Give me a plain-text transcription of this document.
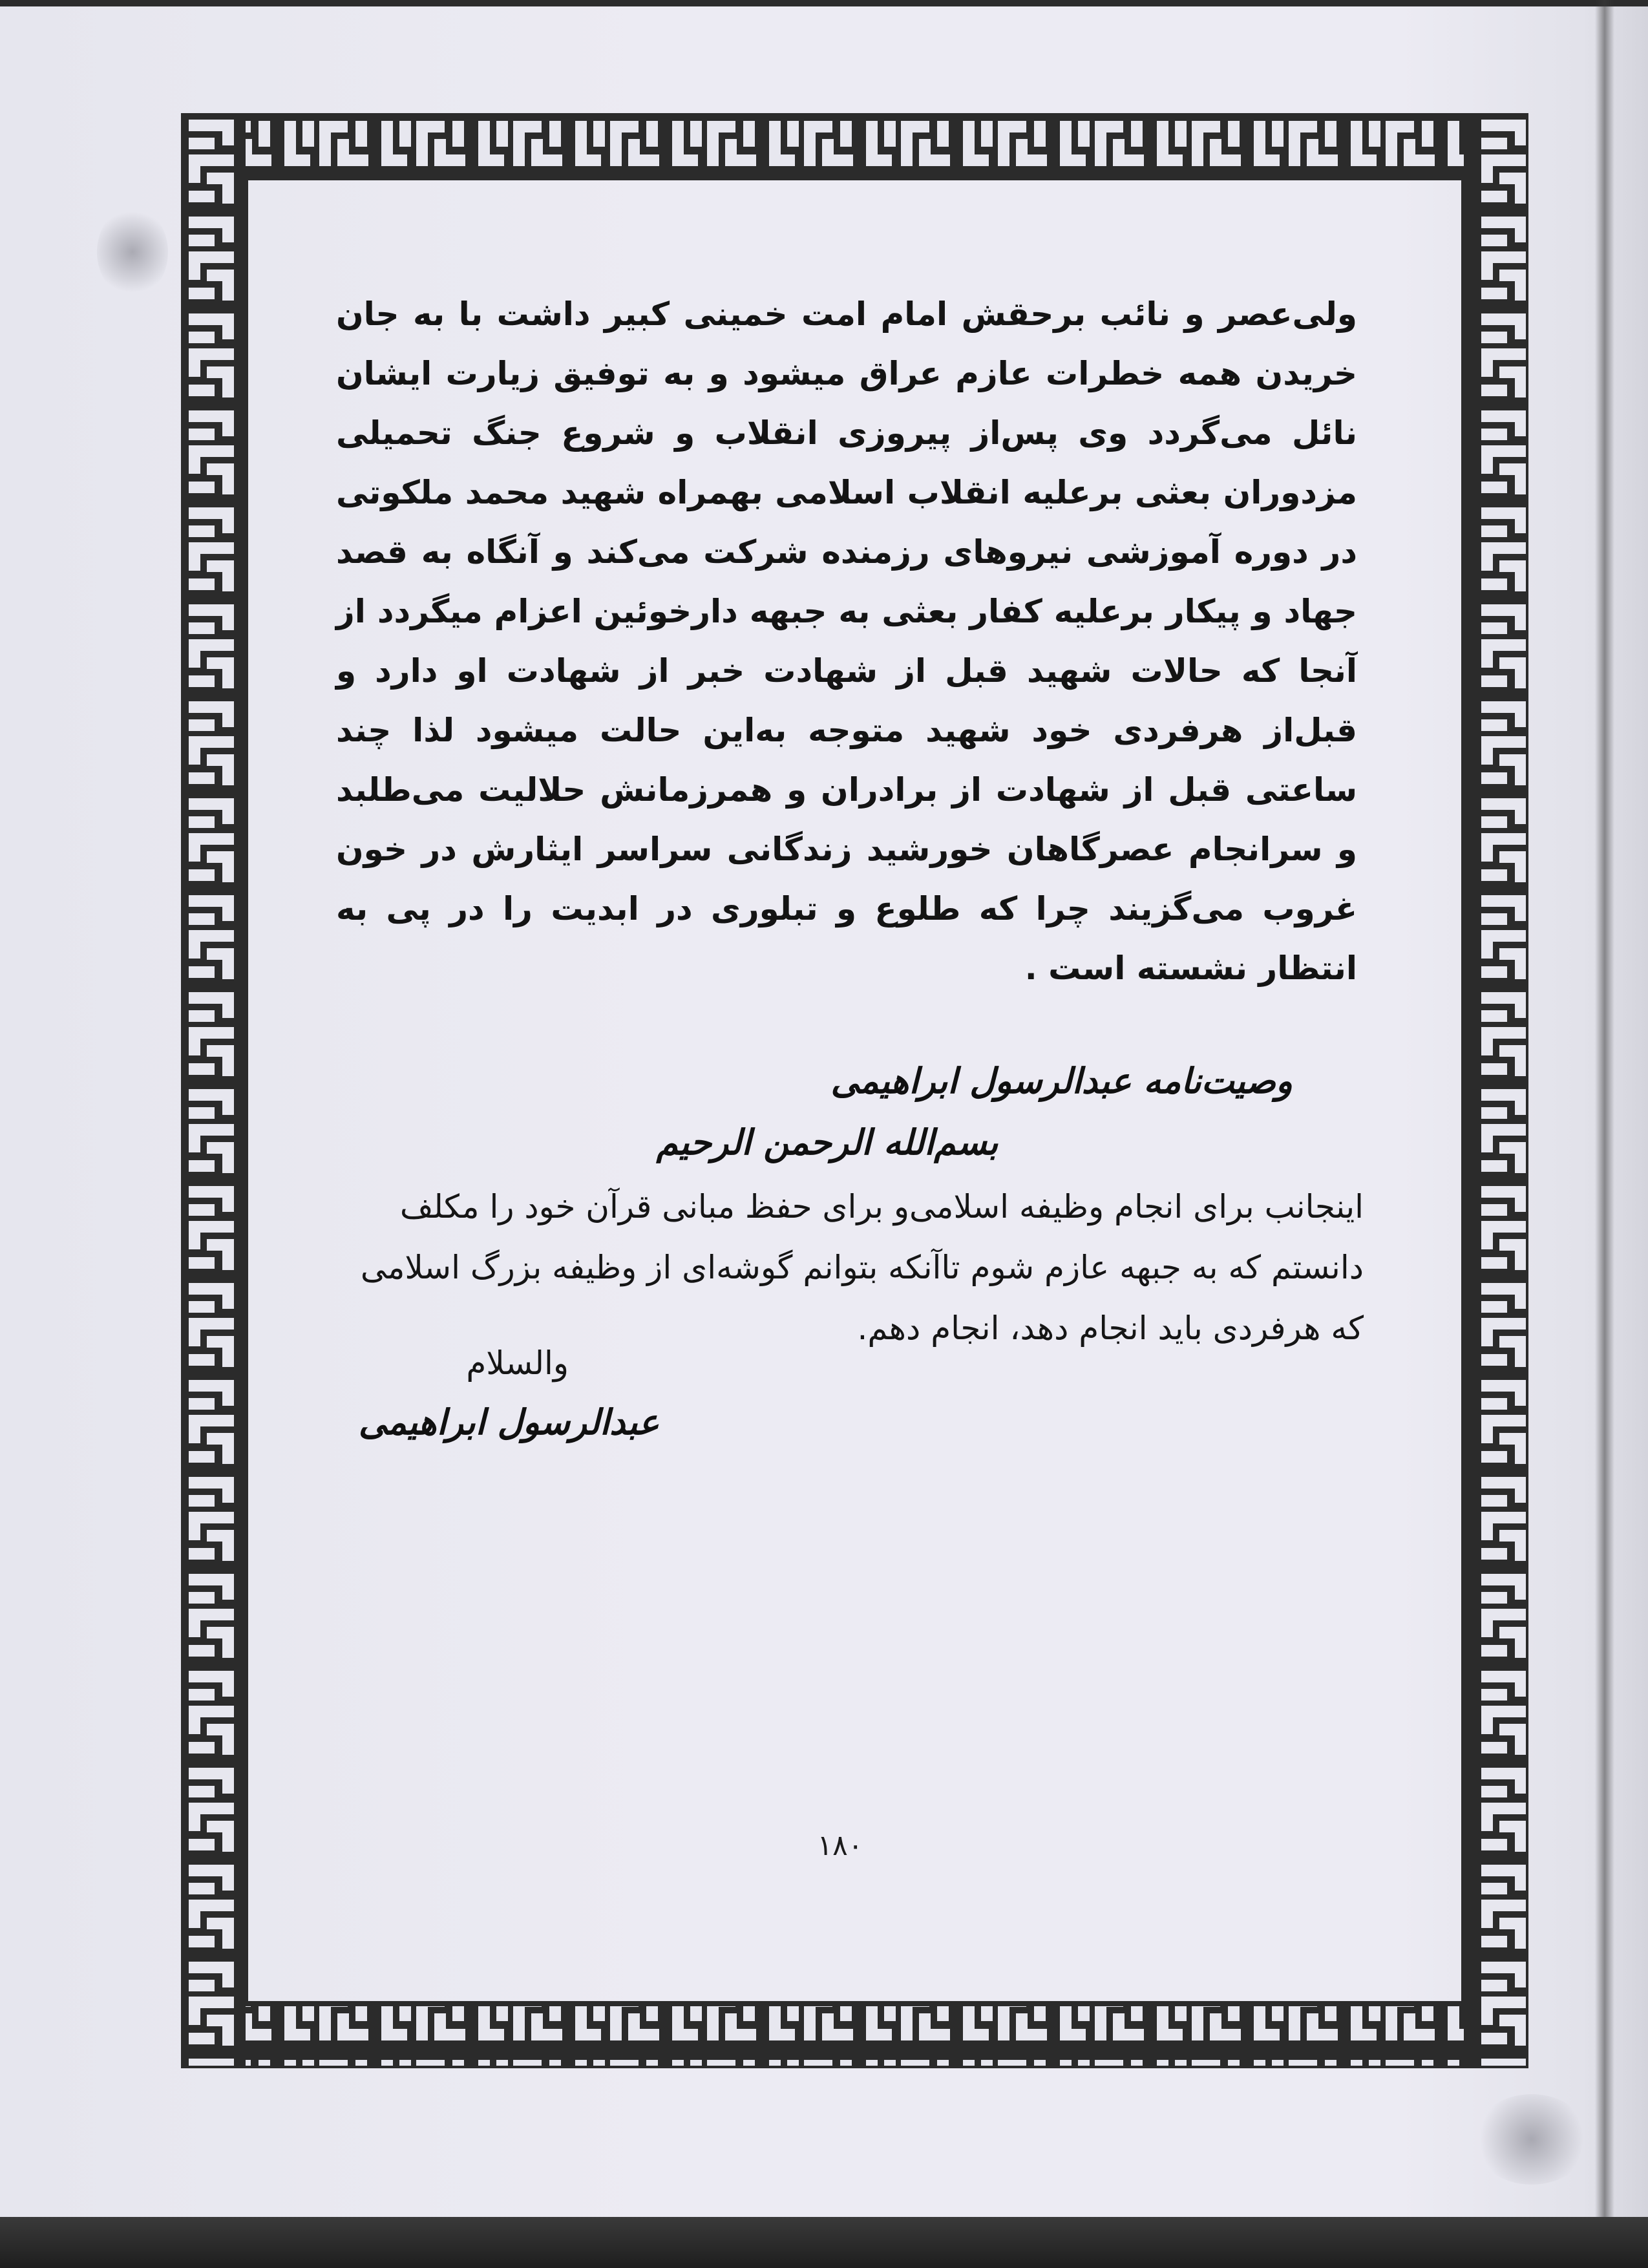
ولی‌عصر و نائب برحقش امام امت خمینی کبیر داشت با به جان خریدن همه خطرات عازم عراق میشود و به توفیق زیارت ایشان نائل می‌گردد وی پس‌از پیروزی انقلاب و شروع جنگ تحمیلی مزدوران بعثی برعلیه انقلاب اسلامی بهمراه شهید محمد ملکوتی در دوره آموزشی نیروهای رزمنده شرکت می‌کند و آنگاه به قصد جهاد و پیکار برعلیه کفار بعثی به جبهه دارخوئین اعزام میگردد از آنجا که حالات شهید قبل از شهادت خبر از شهادت او دارد و قبل‌از هرفردی خود شهید متوجه به‌این حالت میشود لذا چند ساعتی قبل از شهادت از برادران و همرزمانش حلالیت می‌طلبد و سرانجام عصرگاهان خورشید زندگانی سراسر ایثارش در خون غروب می‌گزیند چرا که طلوع و تبلوری در ابدیت را در پی به انتظار نشسته است .
وصیت‌نامه عبدالرسول ابراهیمی
بسم‌الله الرحمن الرحیم
اینجانب برای انجام وظیفه اسلامی‌و برای حفظ مبانی قرآن خود را مکلف دانستم که به جبهه عازم شوم تاآنکه بتوانم گوشه‌ای از وظیفه بزرگ اسلامی که هرفردی باید انجام دهد، انجام دهم.
والسلام
عبدالرسول ابراهیمی
۱۸۰
